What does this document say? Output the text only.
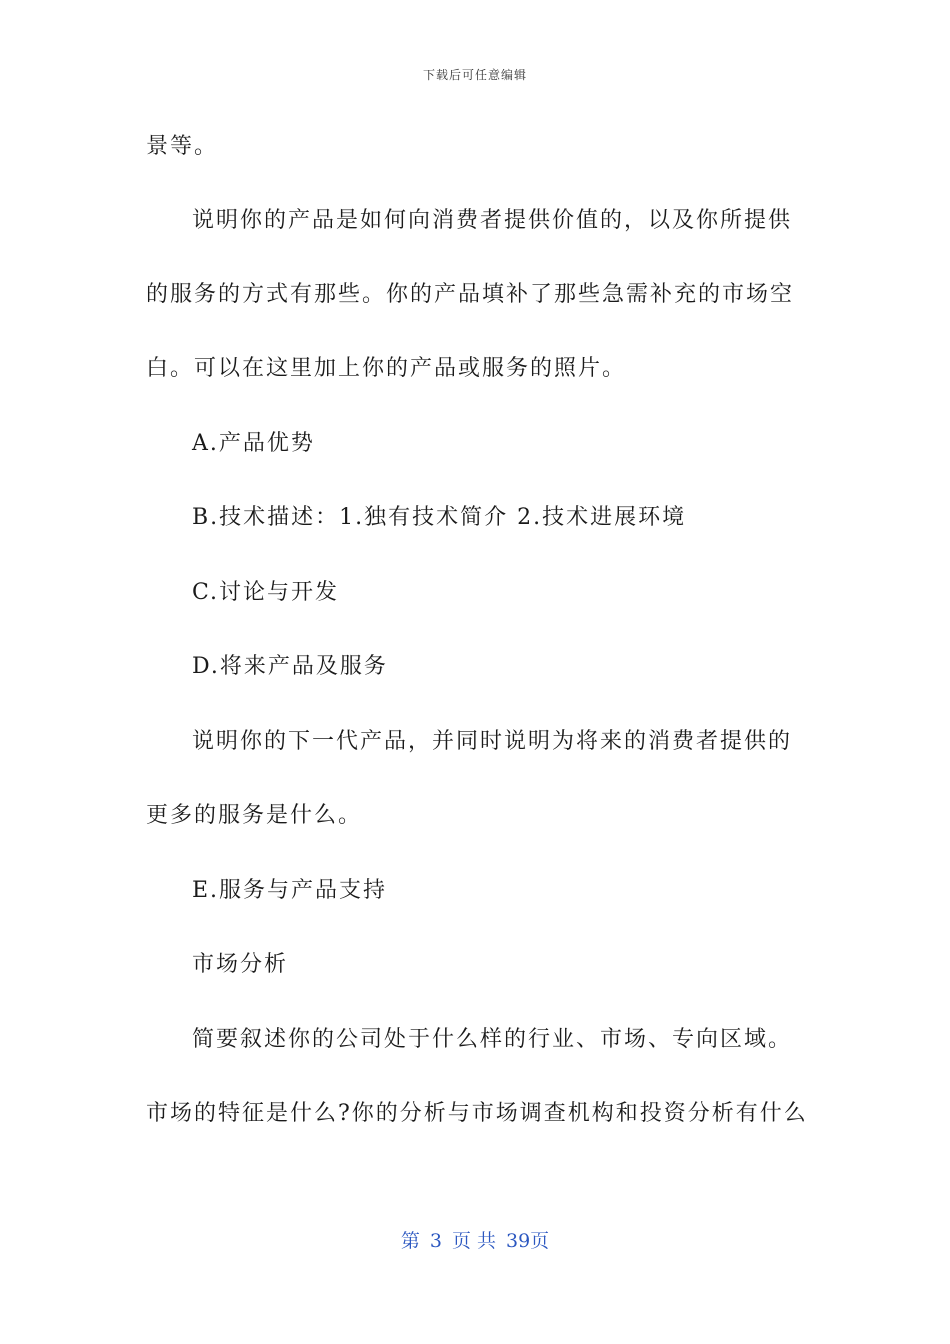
下载后可任意编辑
景等。
说明你的产品是如何向消费者提供价值的，以及你所提供
的服务的方式有那些。你的产品填补了那些急需补充的市场空
白。可以在这里加上你的产品或服务的照片。
A.产品优势
B.技术描述：1.独有技术简介 2.技术进展环境
C.讨论与开发
D.将来产品及服务
说明你的下一代产品，并同时说明为将来的消费者提供的
更多的服务是什么。
E.服务与产品支持
市场分析
简要叙述你的公司处于什么样的行业、市场、专向区域。
市场的特征是什么?你的分析与市场调查机构和投资分析有什么
第 3 页 共 39页
